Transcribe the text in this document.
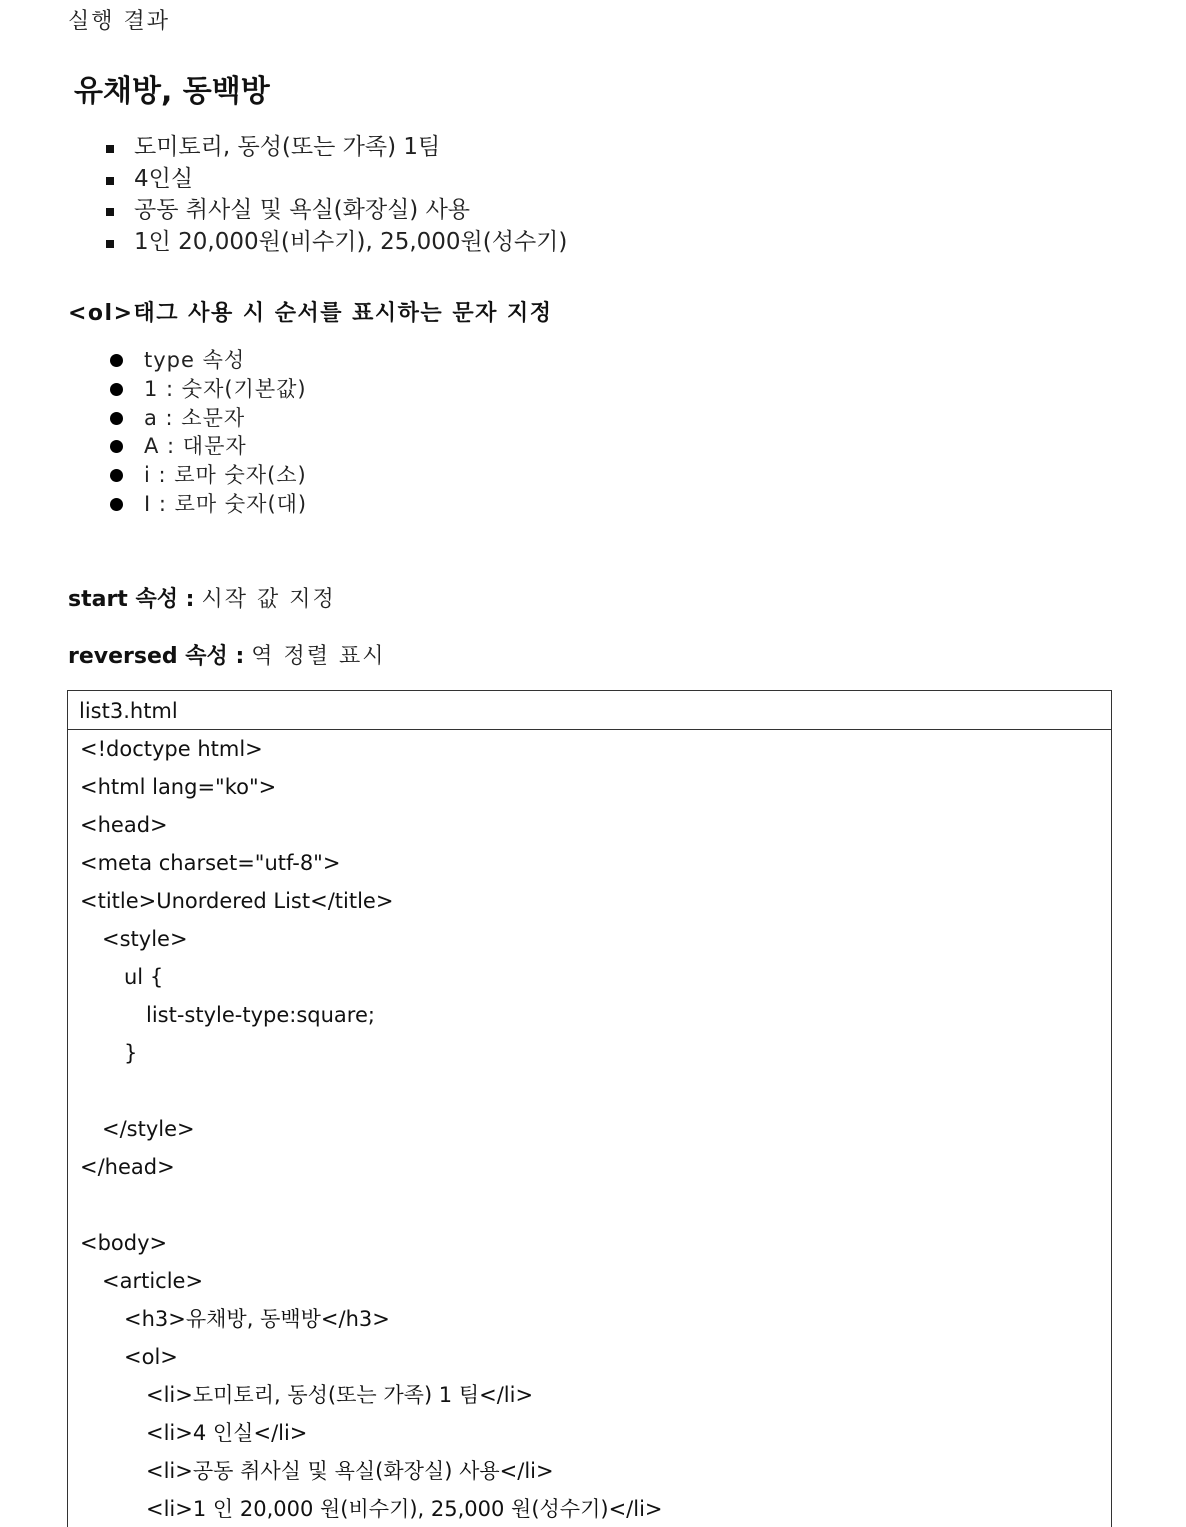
실행 결과
유채방, 동백방
도미토리, 동성(또는 가족) 1팀
4인실
공동 취사실 및 욕실(화장실) 사용
1인 20,000원(비수기), 25,000원(성수기)
<ol>태그 사용 시 순서를 표시하는 문자 지정
type 속성
1 : 숫자(기본값)
a : 소문자
A : 대문자
i : 로마 숫자(소)
I : 로마 숫자(대)
start 속성 : 시작 값 지정
reversed 속성 : 역 정렬 표시
list3.html
<!doctype html>
<html lang="ko">
<head>
<meta charset="utf-8">
<title>Unordered List</title>
<style>
ul {
list-style-type:square;
}
</style>
</head>
<body>
<article>
<h3>유채방, 동백방</h3>
<ol>
<li>도미토리, 동성(또는 가족) 1 팀</li>
<li>4 인실</li>
<li>공동 취사실 및 욕실(화장실) 사용</li>
<li>1 인 20,000 원(비수기), 25,000 원(성수기)</li>
